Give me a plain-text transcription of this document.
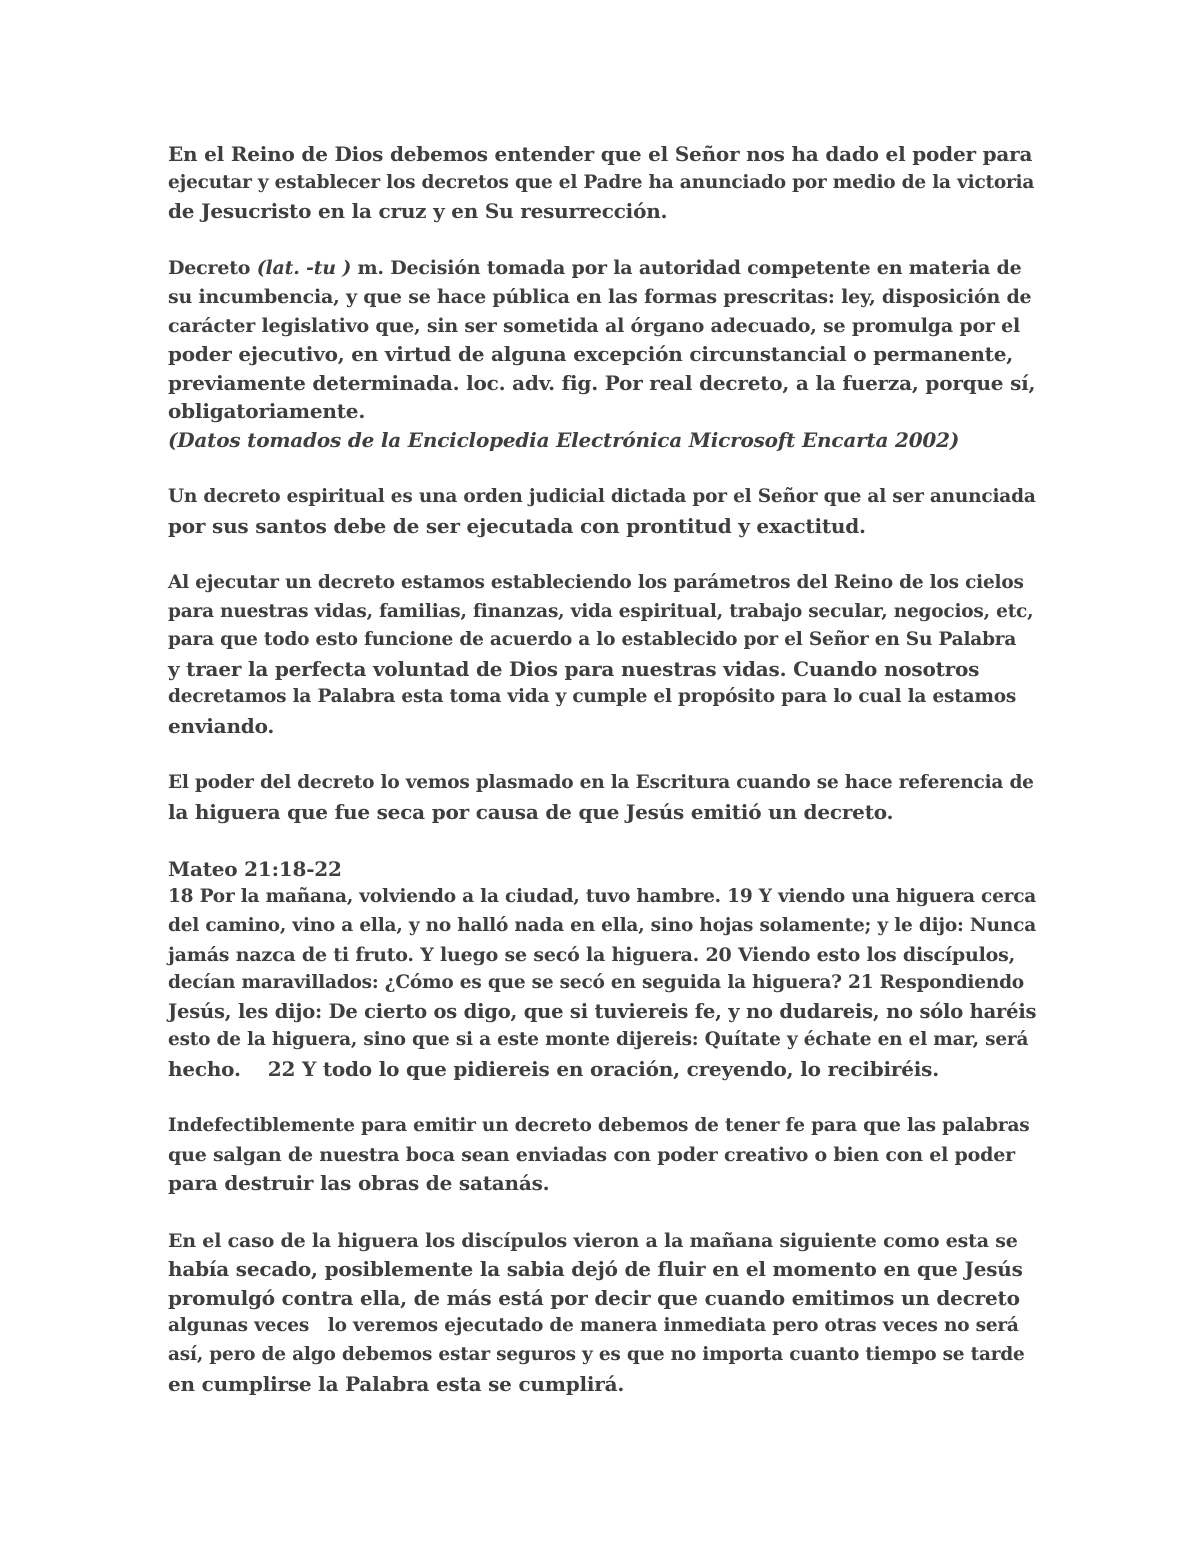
En el Reino de Dios debemos entender que el Señor nos ha dado el poder para
ejecutar y establecer los decretos que el Padre ha anunciado por medio de la victoria
de Jesucristo en la cruz y en Su resurrección.
Decreto (lat. -tu ) m. Decisión tomada por la autoridad competente en materia de
su incumbencia, y que se hace pública en las formas prescritas: ley, disposición de
carácter legislativo que, sin ser sometida al órgano adecuado, se promulga por el
poder ejecutivo, en virtud de alguna excepción circunstancial o permanente,
previamente determinada. loc. adv. fig. Por real decreto, a la fuerza, porque sí,
obligatoriamente.
(Datos tomados de la Enciclopedia Electrónica Microsoft Encarta 2002)
Un decreto espiritual es una orden judicial dictada por el Señor que al ser anunciada
por sus santos debe de ser ejecutada con prontitud y exactitud.
Al ejecutar un decreto estamos estableciendo los parámetros del Reino de los cielos
para nuestras vidas, familias, finanzas, vida espiritual, trabajo secular, negocios, etc,
para que todo esto funcione de acuerdo a lo establecido por el Señor en Su Palabra
y traer la perfecta voluntad de Dios para nuestras vidas. Cuando nosotros
decretamos la Palabra esta toma vida y cumple el propósito para lo cual la estamos
enviando.
El poder del decreto lo vemos plasmado en la Escritura cuando se hace referencia de
la higuera que fue seca por causa de que Jesús emitió un decreto.
Mateo 21:18-22
18 Por la mañana, volviendo a la ciudad, tuvo hambre. 19 Y viendo una higuera cerca
del camino, vino a ella, y no halló nada en ella, sino hojas solamente; y le dijo: Nunca
jamás nazca de ti fruto. Y luego se secó la higuera. 20 Viendo esto los discípulos,
decían maravillados: ¿Cómo es que se secó en seguida la higuera? 21 Respondiendo
Jesús, les dijo: De cierto os digo, que si tuviereis fe, y no dudareis, no sólo haréis
esto de la higuera, sino que si a este monte dijereis: Quítate y échate en el mar, será
hecho.    22 Y todo lo que pidiereis en oración, creyendo, lo recibiréis.
Indefectiblemente para emitir un decreto debemos de tener fe para que las palabras
que salgan de nuestra boca sean enviadas con poder creativo o bien con el poder
para destruir las obras de satanás.
En el caso de la higuera los discípulos vieron a la mañana siguiente como esta se
había secado, posiblemente la sabia dejó de fluir en el momento en que Jesús
promulgó contra ella, de más está por decir que cuando emitimos un decreto
algunas veces   lo veremos ejecutado de manera inmediata pero otras veces no será
así, pero de algo debemos estar seguros y es que no importa cuanto tiempo se tarde
en cumplirse la Palabra esta se cumplirá.
